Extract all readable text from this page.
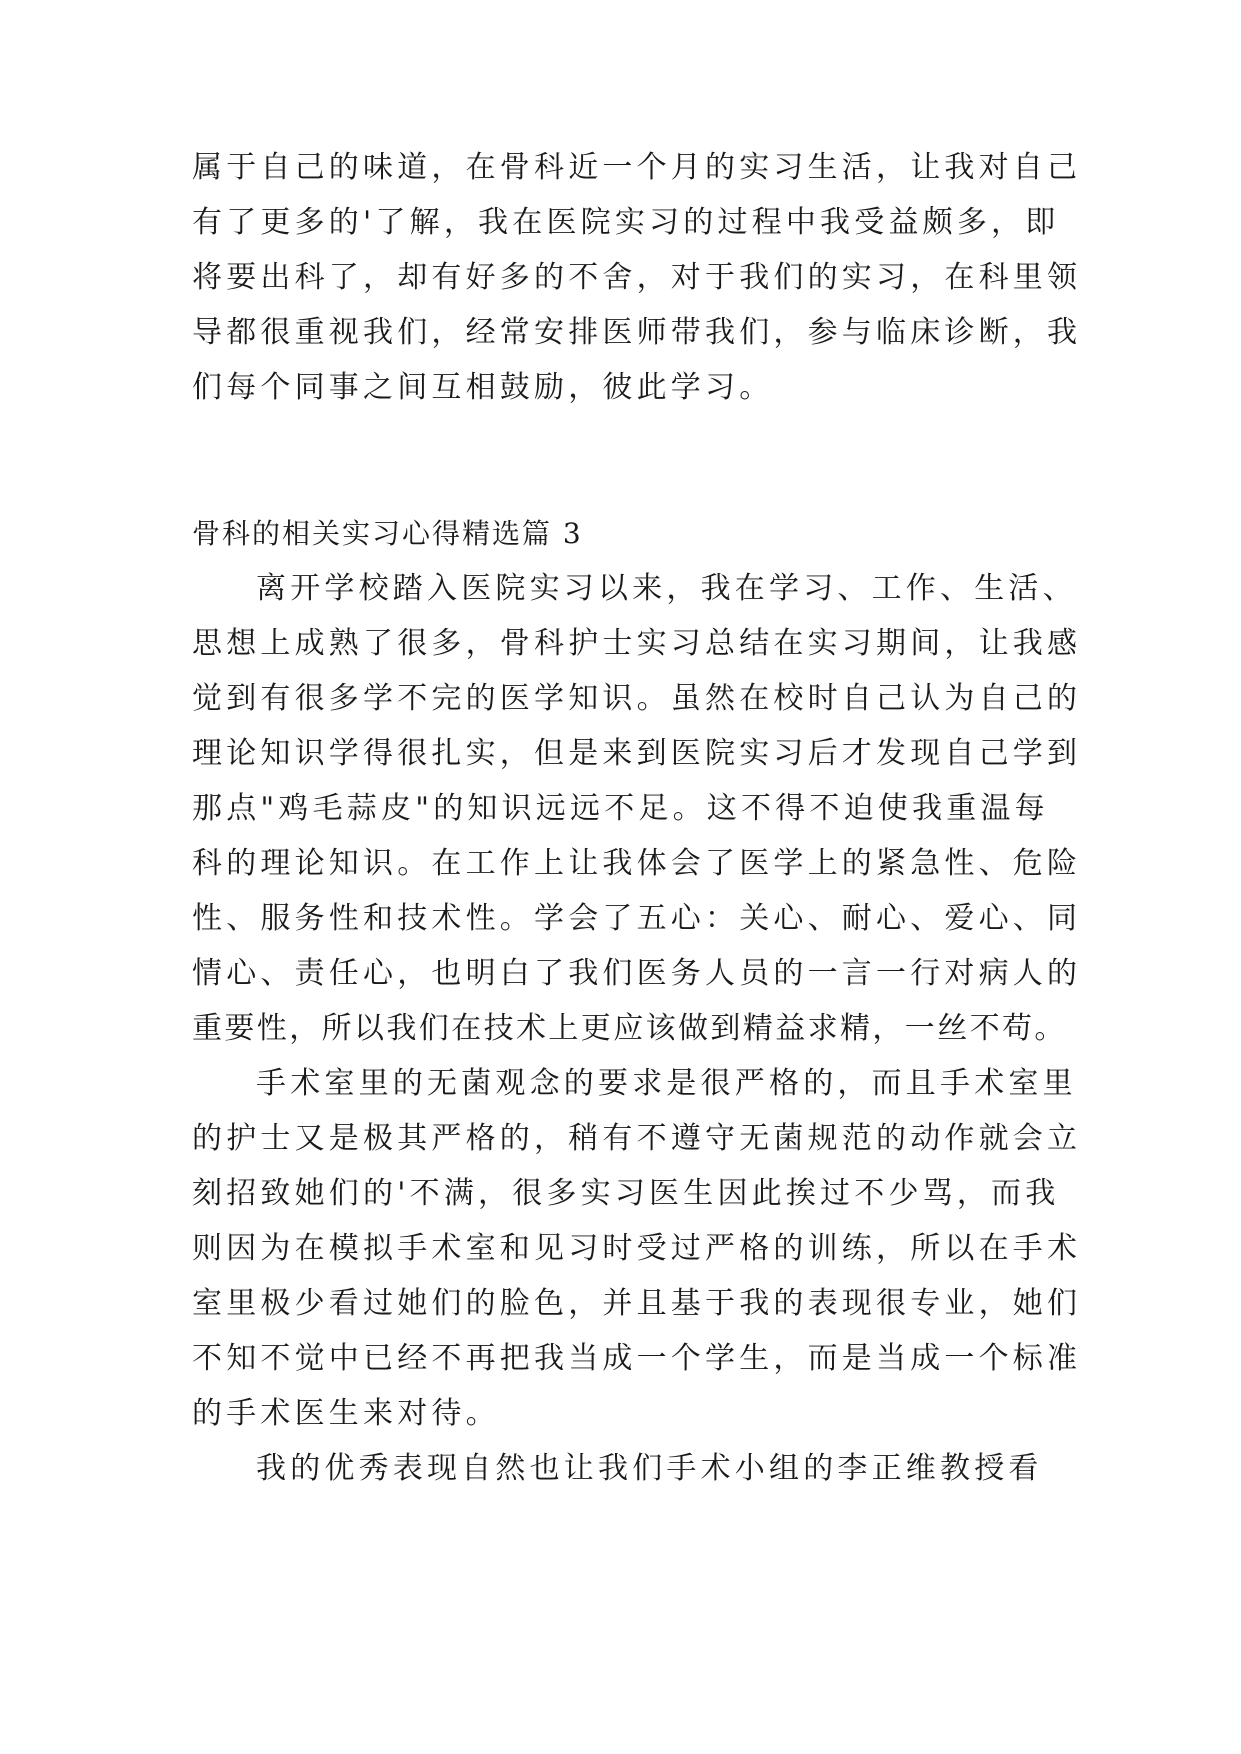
属于自己的味道，在骨科近一个月的实习生活，让我对自己
有了更多的'了解，我在医院实习的过程中我受益颇多，即
将要出科了，却有好多的不舍，对于我们的实习，在科里领
导都很重视我们，经常安排医师带我们，参与临床诊断，我
们每个同事之间互相鼓励，彼此学习。
骨科的相关实习心得精选篇 3
离开学校踏入医院实习以来，我在学习、工作、生活、
思想上成熟了很多，骨科护士实习总结在实习期间，让我感
觉到有很多学不完的医学知识。虽然在校时自己认为自己的
理论知识学得很扎实，但是来到医院实习后才发现自己学到
那点"鸡毛蒜皮"的知识远远不足。这不得不迫使我重温每
科的理论知识。在工作上让我体会了医学上的紧急性、危险
性、服务性和技术性。学会了五心：关心、耐心、爱心、同
情心、责任心，也明白了我们医务人员的一言一行对病人的
重要性，所以我们在技术上更应该做到精益求精，一丝不苟。
手术室里的无菌观念的要求是很严格的，而且手术室里
的护士又是极其严格的，稍有不遵守无菌规范的动作就会立
刻招致她们的'不满，很多实习医生因此挨过不少骂，而我
则因为在模拟手术室和见习时受过严格的训练，所以在手术
室里极少看过她们的脸色，并且基于我的表现很专业，她们
不知不觉中已经不再把我当成一个学生，而是当成一个标准
的手术医生来对待。
我的优秀表现自然也让我们手术小组的李正维教授看
